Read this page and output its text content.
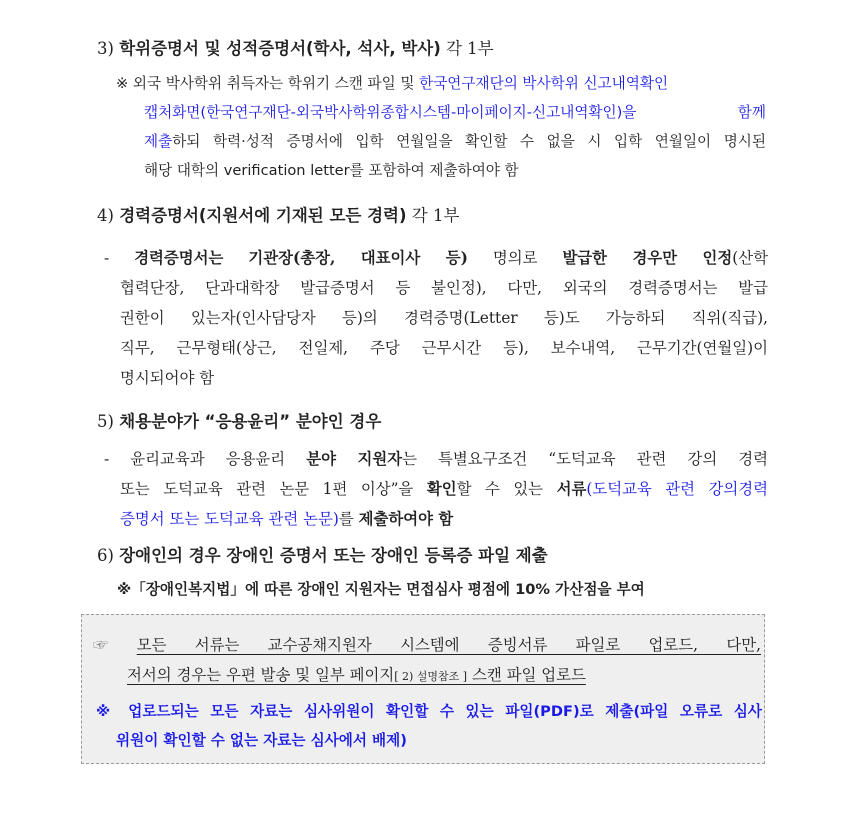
3) 학위증명서 및 성적증명서(학사, 석사, 박사) 각 1부
※ 외국 박사학위 취득자는 학위기 스캔 파일 및 한국연구재단의 박사학위 신고내역확인
캡처화면(한국연구재단-외국박사학위종합시스템-마이페이지-신고내역확인)을 함께
제출하되 학력·성적 증명서에 입학 연월일을 확인할 수 없을 시 입학 연월일이 명시된
해당 대학의 verification letter를 포함하여 제출하여야 함
4) 경력증명서(지원서에 기재된 모든 경력) 각 1부
- 경력증명서는 기관장(총장, 대표이사 등) 명의로 발급한 경우만 인정(산학
협력단장, 단과대학장 발급증명서 등 불인정), 다만, 외국의 경력증명서는 발급
권한이 있는자(인사담당자 등)의 경력증명(Letter 등)도 가능하되 직위(직급),
직무, 근무형태(상근, 전일제, 주당 근무시간 등), 보수내역, 근무기간(연월일)이
명시되어야 함
5) 채용분야가 “응용윤리” 분야인 경우
- 윤리교육과 응용윤리 분야 지원자는 특별요구조건 “도덕교육 관련 강의 경력
또는 도덕교육 관련 논문 1편 이상”을 확인할 수 있는 서류(도덕교육 관련 강의경력
증명서 또는 도덕교육 관련 논문)를 제출하여야 함
6) 장애인의 경우 장애인 증명서 또는 장애인 등록증 파일 제출
※「장애인복지법」에 따른 장애인 지원자는 면접심사 평점에 10% 가산점을 부여
☞ 모든 서류는 교수공채지원자 시스템에 증빙서류 파일로 업로드, 다만,
저서의 경우는 우편 발송 및 일부 페이지[ 2) 설명참조 ] 스캔 파일 업로드
※ 업로드되는 모든 자료는 심사위원이 확인할 수 있는 파일(PDF)로 제출(파일 오류로 심사
위원이 확인할 수 없는 자료는 심사에서 배제)
